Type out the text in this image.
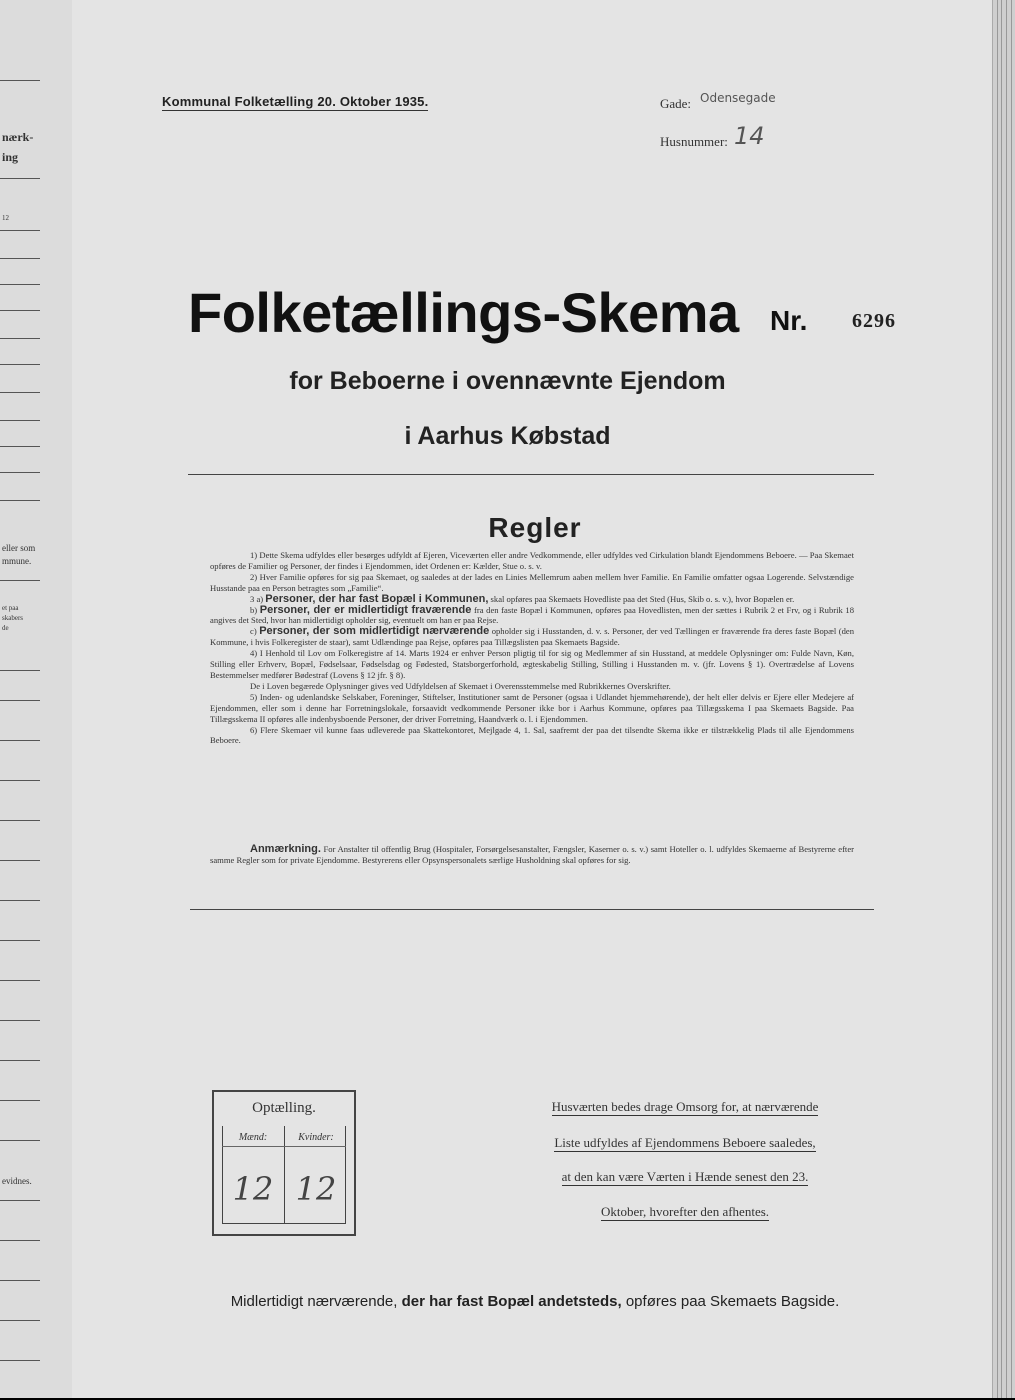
nærk-
ing
12
eller som
mmune.
et paa
skabers
de
evidnes.
Kommunal Folketælling 20. Oktober 1935.	Gade: Odensegade
Husnummer: 14
Folketællings-Skema Nr. 6296
for Beboerne i ovennævnte Ejendom
i Aarhus Købstad
Regler

1) Dette Skema udfyldes eller besørges udfyldt af Ejeren, Viceværten eller andre Vedkommende, eller udfyldes ved Cirkulation blandt Ejendommens Beboere. — Paa Skemaet opføres de Familier og Personer, der findes i Ejendommen, idet Ordenen er: Kælder, Stue o. s. v.

2) Hver Familie opføres for sig paa Skemaet, og saaledes at der lades en Linies Mellemrum aaben mellem hver Familie. En Familie omfatter ogsaa Logerende. Selvstændige Husstande paa en Person betragtes som „Familie“.

3 a) Personer, der har fast Bopæl i Kommunen, skal opføres paa Skemaets Hovedliste paa det Sted (Hus, Skib o. s. v.), hvor Bopælen er.

b) Personer, der er midlertidigt fraværende fra den faste Bopæl i Kommunen, opføres paa Hovedlisten, men der sættes i Rubrik 2 et Frv, og i Rubrik 18 angives det Sted, hvor han midlertidigt opholder sig, eventuelt om han er paa Rejse.

c) Personer, der som midlertidigt nærværende opholder sig i Husstanden, d. v. s. Personer, der ved Tællingen er fraværende fra deres faste Bopæl (den Kommune, i hvis Folkeregister de staar), samt Udlændinge paa Rejse, opføres paa Tillægslisten paa Skemaets Bagside.

4) I Henhold til Lov om Folkeregistre af 14. Marts 1924 er enhver Person pligtig til for sig og Medlemmer af sin Husstand, at meddele Oplysninger om: Fulde Navn, Køn, Stilling eller Erhverv, Bopæl, Fødselsaar, Fødselsdag og Fødested, Statsborgerforhold, ægteskabelig Stilling, Stilling i Husstanden m. v. (jfr. Lovens § 1). Overtrædelse af Lovens Bestemmelser medfører Bødestraf (Lovens § 12 jfr. § 8).

De i Loven begærede Oplysninger gives ved Udfyldelsen af Skemaet i Overensstemmelse med Rubrikkernes Overskrifter.

5) Inden- og udenlandske Selskaber, Foreninger, Stiftelser, Institutioner samt de Personer (ogsaa i Udlandet hjemmehørende), der helt eller delvis er Ejere eller Medejere af Ejendommen, eller som i denne har Forretningslokale, forsaavidt vedkommende Personer ikke bor i Aarhus Kommune, opføres paa Tillægsskema I paa Skemaets Bagside. Paa Tillægsskema II opføres alle indenbysboende Personer, der driver Forretning, Haandværk o. l. i Ejendommen.

6) Flere Skemaer vil kunne faas udleverede paa Skattekontoret, Mejlgade 4, 1. Sal, saafremt der paa det tilsendte Skema ikke er tilstrækkelig Plads til alle Ejendommens Beboere.

Anmærkning. For Anstalter til offentlig Brug (Hospitaler, Forsørgelsesanstalter, Fængsler, Kaserner o. s. v.) samt Hoteller o. l. udfyldes Skemaerne af Bestyrerne efter samme Regler som for private Ejendomme. Bestyrerens eller Opsynspersonalets særlige Husholdning skal opføres for sig.
Optælling.
Mænd:	Kvinder:
12 12
Husværten bedes drage Omsorg for, at nærværende
Liste udfyldes af Ejendommens Beboere saaledes,
at den kan være Værten i Hænde senest den 23.
Oktober, hvorefter den afhentes.
Midlertidigt nærværende, der har fast Bopæl andetsteds, opføres paa Skemaets Bagside.
